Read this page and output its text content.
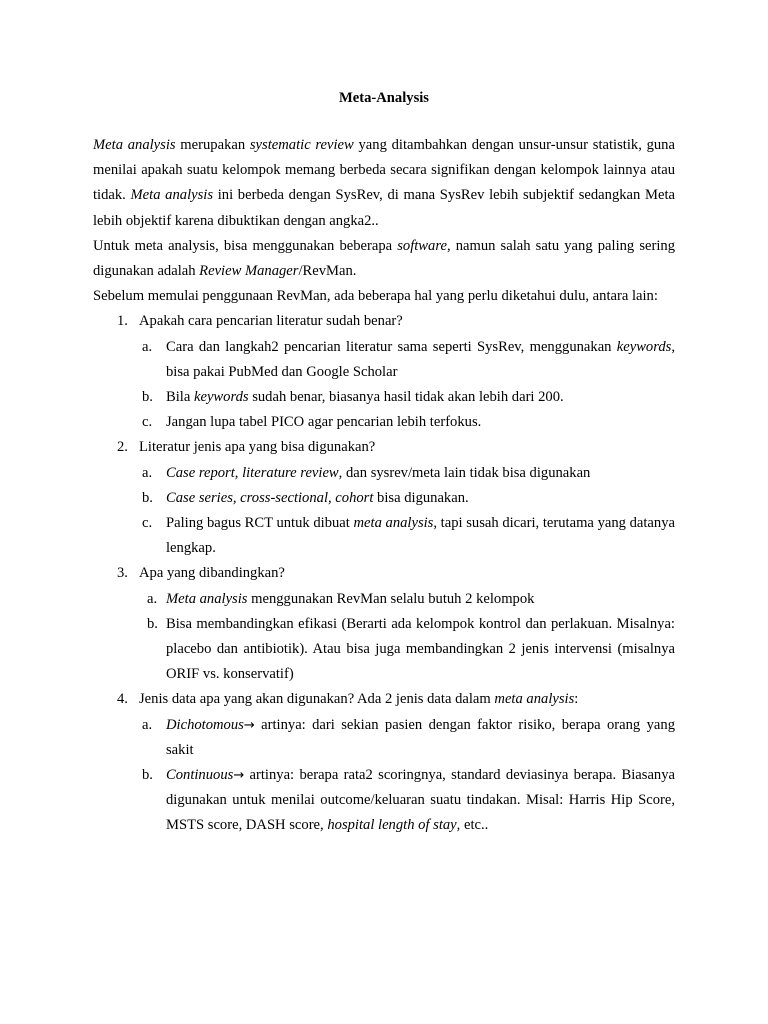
Meta-Analysis

Meta analysis merupakan systematic review yang ditambahkan dengan unsur-unsur statistik, guna menilai apakah suatu kelompok memang berbeda secara signifikan dengan kelompok lainnya atau tidak. Meta analysis ini berbeda dengan SysRev, di mana SysRev lebih subjektif sedangkan Meta lebih objektif karena dibuktikan dengan angka2..

Untuk meta analysis, bisa menggunakan beberapa software, namun salah satu yang paling sering digunakan adalah Review Manager/RevMan.

Sebelum memulai penggunaan RevMan, ada beberapa hal yang perlu diketahui dulu, antara lain:

1. Apakah cara pencarian literatur sudah benar?
a. Cara dan langkah2 pencarian literatur sama seperti SysRev, menggunakan keywords, bisa pakai PubMed dan Google Scholar
b. Bila keywords sudah benar, biasanya hasil tidak akan lebih dari 200.
c. Jangan lupa tabel PICO agar pencarian lebih terfokus.
2. Literatur jenis apa yang bisa digunakan?
a. Case report, literature review, dan sysrev/meta lain tidak bisa digunakan
b. Case series, cross-sectional, cohort bisa digunakan.
c. Paling bagus RCT untuk dibuat meta analysis, tapi susah dicari, terutama yang datanya lengkap.
3. Apa yang dibandingkan?
a. Meta analysis menggunakan RevMan selalu butuh 2 kelompok
b. Bisa membandingkan efikasi (Berarti ada kelompok kontrol dan perlakuan. Misalnya: placebo dan antibiotik). Atau bisa juga membandingkan 2 jenis intervensi (misalnya ORIF vs. konservatif)
4. Jenis data apa yang akan digunakan? Ada 2 jenis data dalam meta analysis:
a. Dichotomous→ artinya: dari sekian pasien dengan faktor risiko, berapa orang yang sakit
b. Continuous→ artinya: berapa rata2 scoringnya, standard deviasinya berapa. Biasanya digunakan untuk menilai outcome/keluaran suatu tindakan. Misal: Harris Hip Score, MSTS score, DASH score, hospital length of stay, etc..
